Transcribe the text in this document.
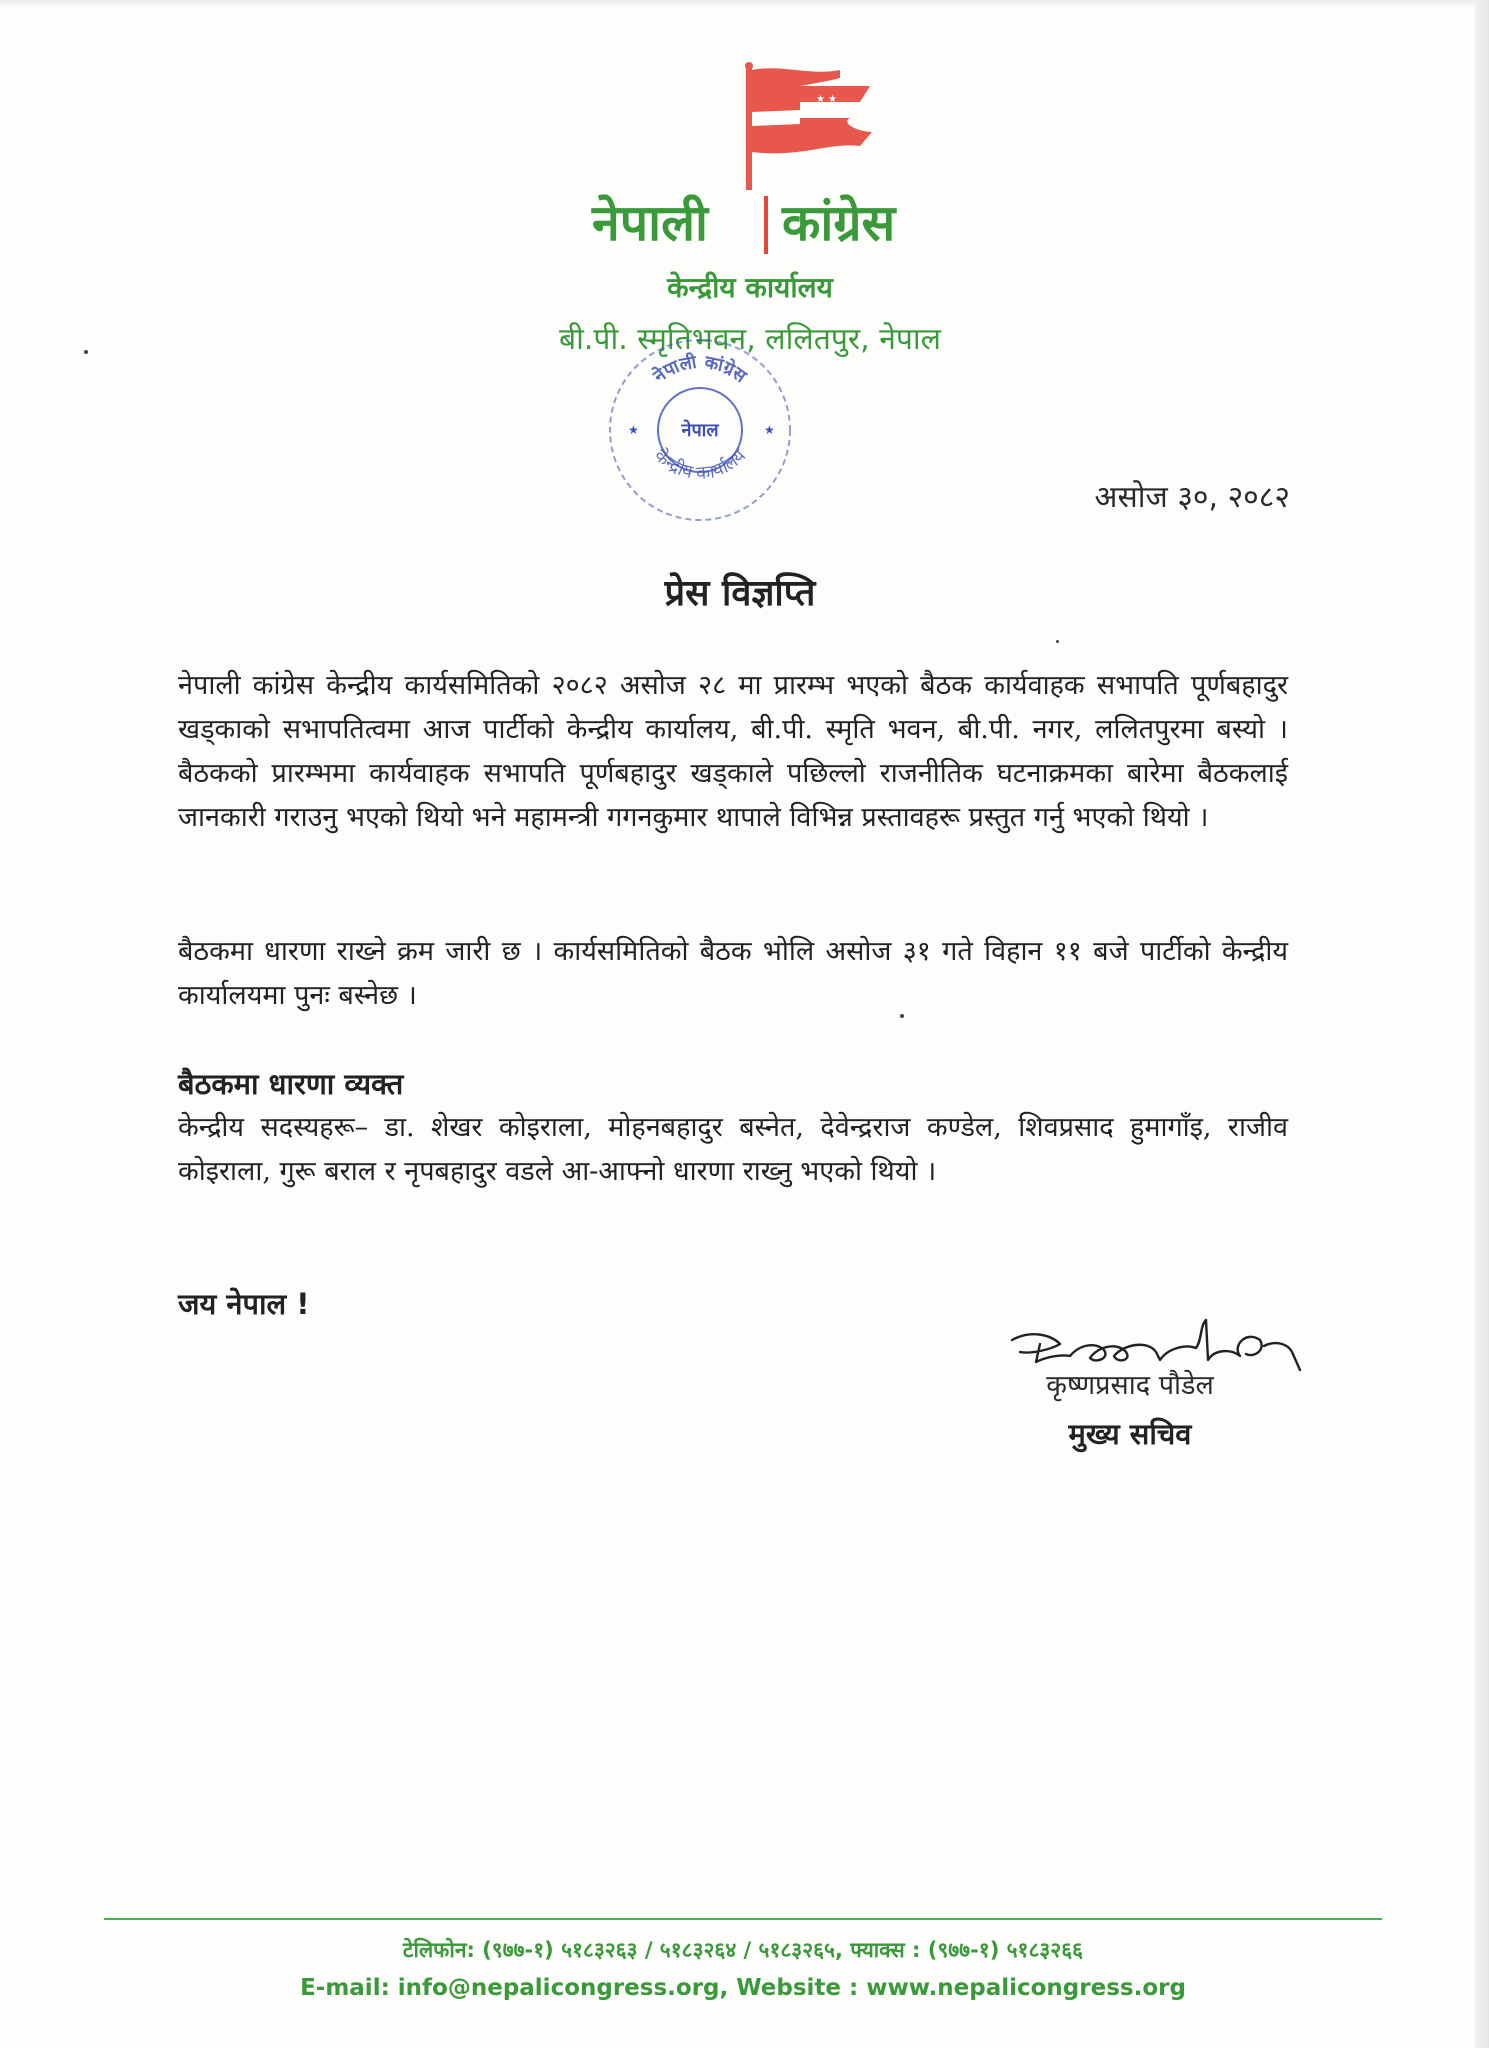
★ ★
★ ★
नेपाली कांग्रेस
केन्द्रीय कार्यालय
बी.पी. स्मृतिभवन, ललितपुर, नेपाल
नेपाली कांग्रेस
नेपाल
केन्द्रीय कार्यालय
★	★
असोज ३०, २०८२
प्रेस विज्ञप्ति
नेपाली कांग्रेस केन्द्रीय कार्यसमितिको २०८२ असोज २८ मा प्रारम्भ भएको बैठक कार्यवाहक सभापति पूर्णबहादुर खड्काको सभापतित्वमा आज पार्टीको केन्द्रीय कार्यालय, बी.पी. स्मृति भवन, बी.पी. नगर, ललितपुरमा बस्यो । बैठकको प्रारम्भमा कार्यवाहक सभापति पूर्णबहादुर खड्काले पछिल्लो राजनीतिक घटनाक्रमका बारेमा बैठकलाई जानकारी गराउनु भएको थियो भने महामन्त्री गगनकुमार थापाले विभिन्न प्रस्तावहरू प्रस्तुत गर्नु भएको थियो ।
बैठकमा धारणा राख्ने क्रम जारी छ । कार्यसमितिको बैठक भोलि असोज ३१ गते विहान ११ बजे पार्टीको केन्द्रीय कार्यालयमा पुनः बस्नेछ ।
बैठकमा धारणा व्यक्त
केन्द्रीय सदस्यहरू– डा. शेखर कोइराला, मोहनबहादुर बस्नेत, देवेन्द्रराज कण्डेल, शिवप्रसाद हुमागाँइ, राजीव कोइराला, गुरू बराल र नृपबहादुर वडले आ-आफ्नो धारणा राख्नु भएको थियो ।
जय नेपाल !
कृष्णप्रसाद पौडेल
मुख्य सचिव
टेलिफोन: (९७७-१) ५१८३२६३ / ५१८३२६४ / ५१८३२६५, फ्याक्स : (९७७-१) ५१८३२६६
E-mail: info@nepalicongress.org, Website : www.nepalicongress.org
